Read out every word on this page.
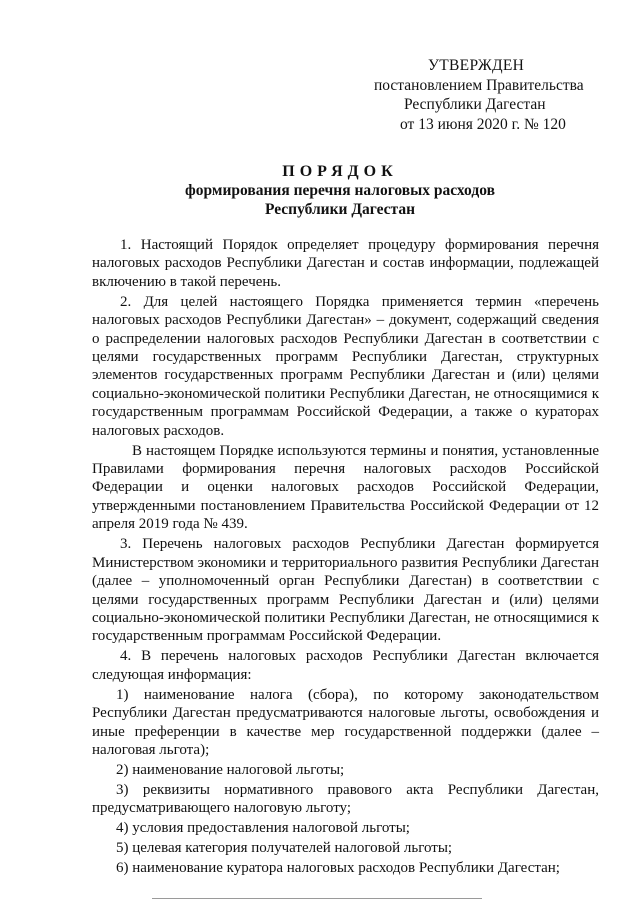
УТВЕРЖДЕН
постановлением Правительства
Республики Дагестан
от 13 июня 2020 г. № 120
ПОРЯДОК
формирования перечня налоговых расходов
Республики Дагестан

1. Настоящий Порядок определяет процедуру формирования перечня налоговых расходов Республики Дагестан и состав информации, подлежащей включению в такой перечень.

2. Для целей настоящего Порядка применяется термин «перечень налоговых расходов Республики Дагестан» – документ, содержащий сведения о распределении налоговых расходов Республики Дагестан в соответствии с целями государственных программ Республики Дагестан, структурных элементов государственных программ Республики Дагестан и (или) целями социально-экономической политики Республики Дагестан, не относящимися к государственным программам Российской Федерации, а также о кураторах налоговых расходов.

В настоящем Порядке используются термины и понятия, установленные Правилами формирования перечня налоговых расходов Российской Федерации и оценки налоговых расходов Российской Федерации, утвержденными постановлением Правительства Российской Федерации от 12 апреля 2019 года № 439.

3. Перечень налоговых расходов Республики Дагестан формируется Министерством экономики и территориального развития Республики Дагестан (далее – уполномоченный орган Республики Дагестан) в соответствии с целями государственных программ Республики Дагестан и (или) целями социально-экономической политики Республики Дагестан, не относящимися к государственным программам Российской Федерации.

4. В перечень налоговых расходов Республики Дагестан включается следующая информация:

1) наименование налога (сбора), по которому законодательством Республики Дагестан предусматриваются налоговые льготы, освобождения и иные преференции в качестве мер государственной поддержки (далее – налоговая льгота);

2) наименование налоговой льготы;

3) реквизиты нормативного правового акта Республики Дагестан, предусматривающего налоговую льготу;

4) условия предоставления налоговой льготы;

5) целевая категория получателей налоговой льготы;

6) наименование куратора налоговых расходов Республики Дагестан;
